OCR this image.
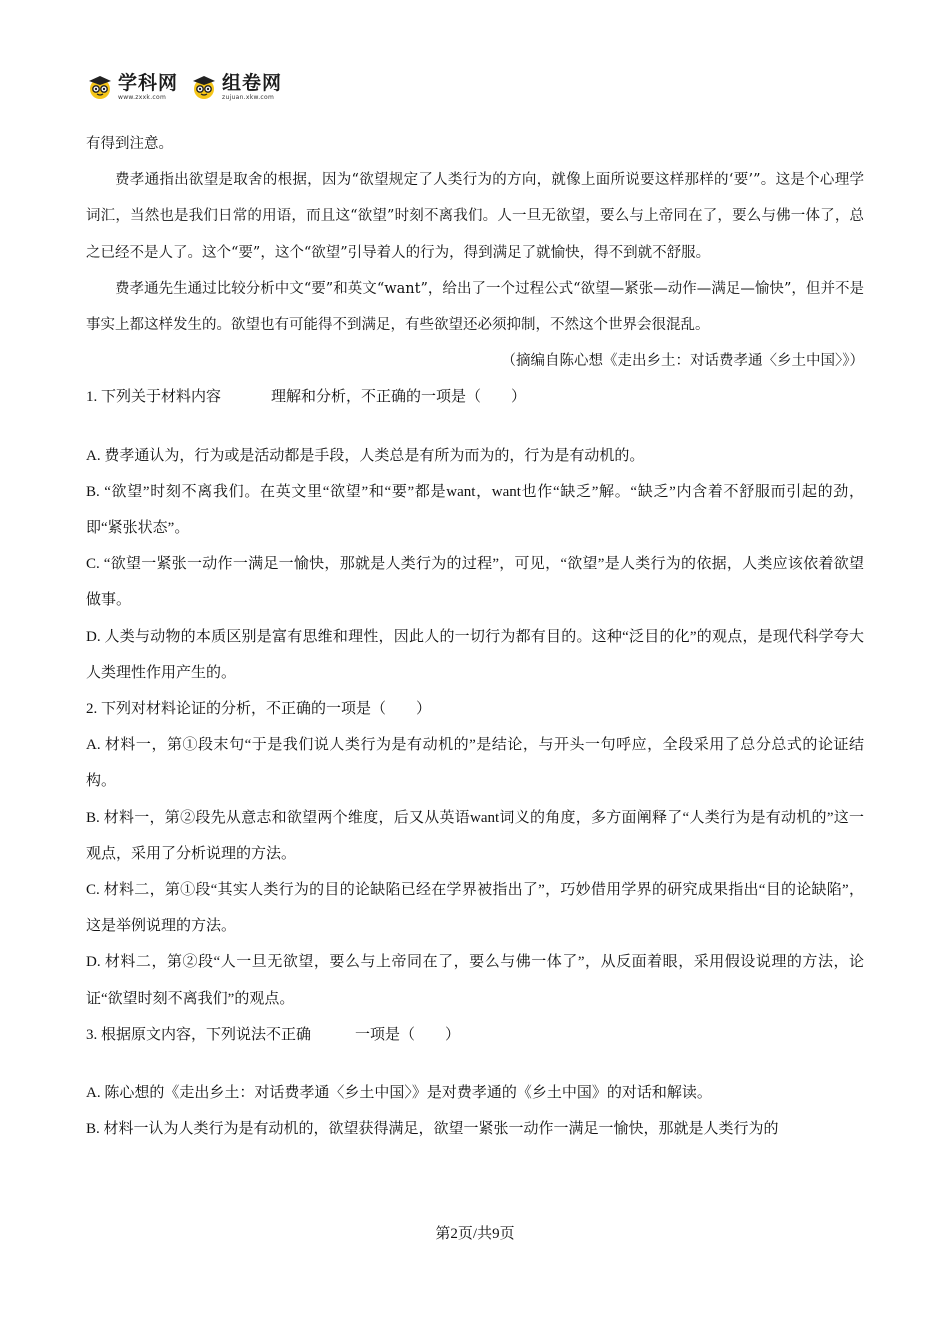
学科网
www.zxxk.com
组卷网
zujuan.xkw.com

有得到注意。

费孝通指出欲望是取舍的根据，因为“欲望规定了人类行为的方向，就像上面所说要这样那样的‘要’”。这是个心理学词汇，当然也是我们日常的用语，而且这“欲望”时刻不离我们。人一旦无欲望，要么与上帝同在了，要么与佛一体了，总之已经不是人了。这个“要”，这个“欲望”引导着人的行为，得到满足了就愉快，得不到就不舒服。

费孝通先生通过比较分析中文“要”和英文“want”，给出了一个过程公式“欲望—紧张—动作—满足—愉快”，但并不是事实上都这样发生的。欲望也有可能得不到满足，有些欲望还必须抑制，不然这个世界会很混乱。

（摘编自陈心想《走出乡土：对话费孝通〈乡土中国〉》）

1. 下列关于材料内容	理解和分析，不正确的一项是（　　）

A. 费孝通认为，行为或是活动都是手段，人类总是有所为而为的，行为是有动机的。

B. “欲望”时刻不离我们。在英文里“欲望”和“要”都是want，want也作“缺乏”解。“缺乏”内含着不舒服而引起的劲，即“紧张状态”。

C. “欲望一紧张一动作一满足一愉快，那就是人类行为的过程”，可见，“欲望”是人类行为的依据，人类应该依着欲望做事。

D. 人类与动物的本质区别是富有思维和理性，因此人的一切行为都有目的。这种“泛目的化”的观点，是现代科学夸大人类理性作用产生的。

2. 下列对材料论证的分析，不正确的一项是（　　）

A. 材料一，第①段末句“于是我们说人类行为是有动机的”是结论，与开头一句呼应，全段采用了总分总式的论证结构。

B. 材料一，第②段先从意志和欲望两个维度，后又从英语want词义的角度，多方面阐释了“人类行为是有动机的”这一观点，采用了分析说理的方法。

C. 材料二，第①段“其实人类行为的目的论缺陷已经在学界被指出了”，巧妙借用学界的研究成果指出“目的论缺陷”，这是举例说理的方法。

D. 材料二，第②段“人一旦无欲望，要么与上帝同在了，要么与佛一体了”，从反面着眼，采用假设说理的方法，论证“欲望时刻不离我们”的观点。

3. 根据原文内容，下列说法不正确	一项是（　　）

A. 陈心想的《走出乡土：对话费孝通〈乡土中国〉》是对费孝通的《乡土中国》的对话和解读。

B. 材料一认为人类行为是有动机的，欲望获得满足，欲望一紧张一动作一满足一愉快，那就是人类行为的

第2页/共9页
